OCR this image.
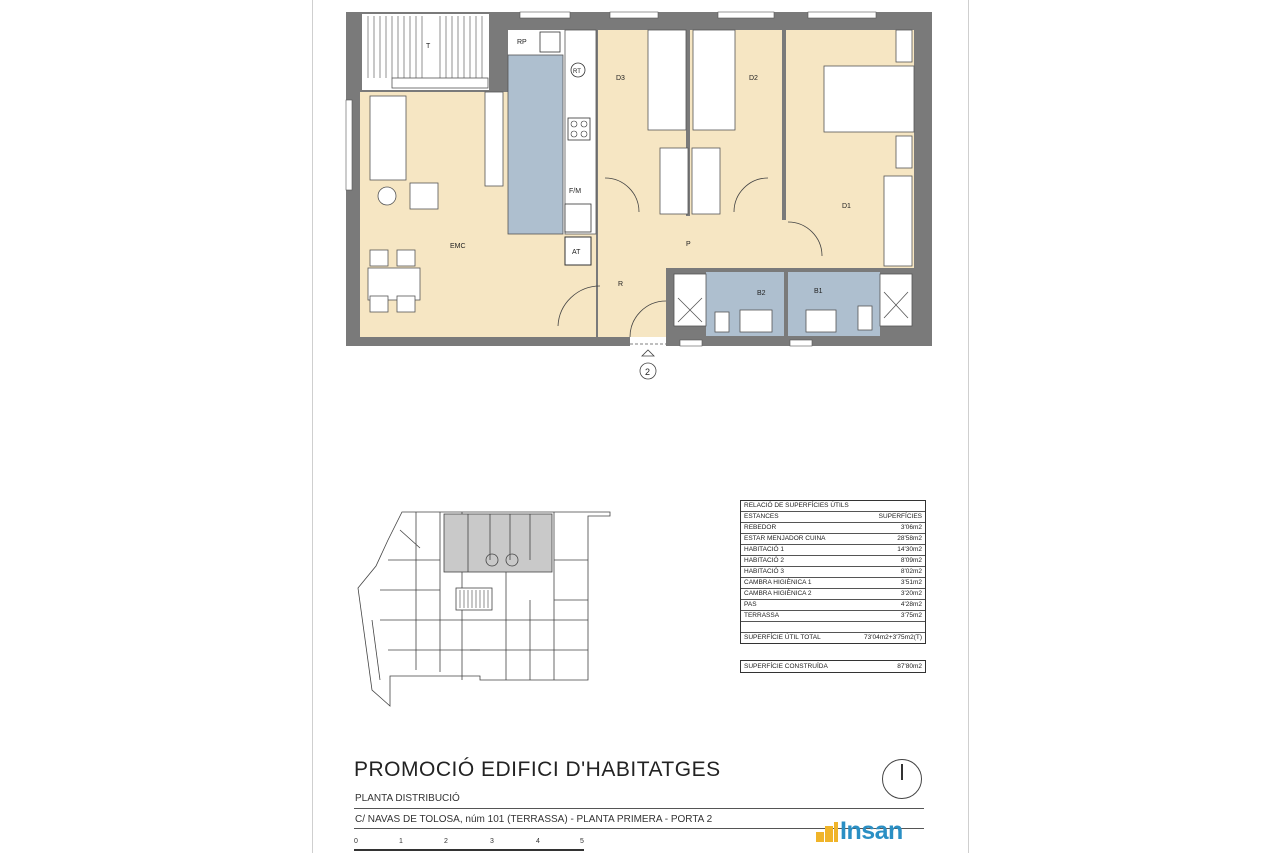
T
RP
RT
F/M
AT
EMC
D3	D2
D1
P
R
B2	B1
2
RELACIÓ DE SUPERFÍCIES ÚTILS
ESTANCES	SUPERFÍCIES
REBEDOR	3'06m2
ESTAR MENJADOR CUINA	28'58m2
HABITACIÓ 1	14'30m2
HABITACIÓ 2	8'09m2
HABITACIÓ 3	8'02m2
CAMBRA HIGIÈNICA 1	3'51m2
CAMBRA HIGIÈNICA 2	3'20m2
PAS	4'28m2
TERRASSA	3'75m2
SUPERFÍCIE ÚTIL TOTAL	73'04m2+3'75m2(T)
SUPERFÍCIE CONSTRUÏDA	87'80m2
PROMOCIÓ EDIFICI D'HABITATGES
PLANTA DISTRIBUCIÓ
C/ NAVAS DE TOLOSA, núm 101 (TERRASSA) - PLANTA PRIMERA - PORTA 2	Insan
0	1	2	3	4	5
